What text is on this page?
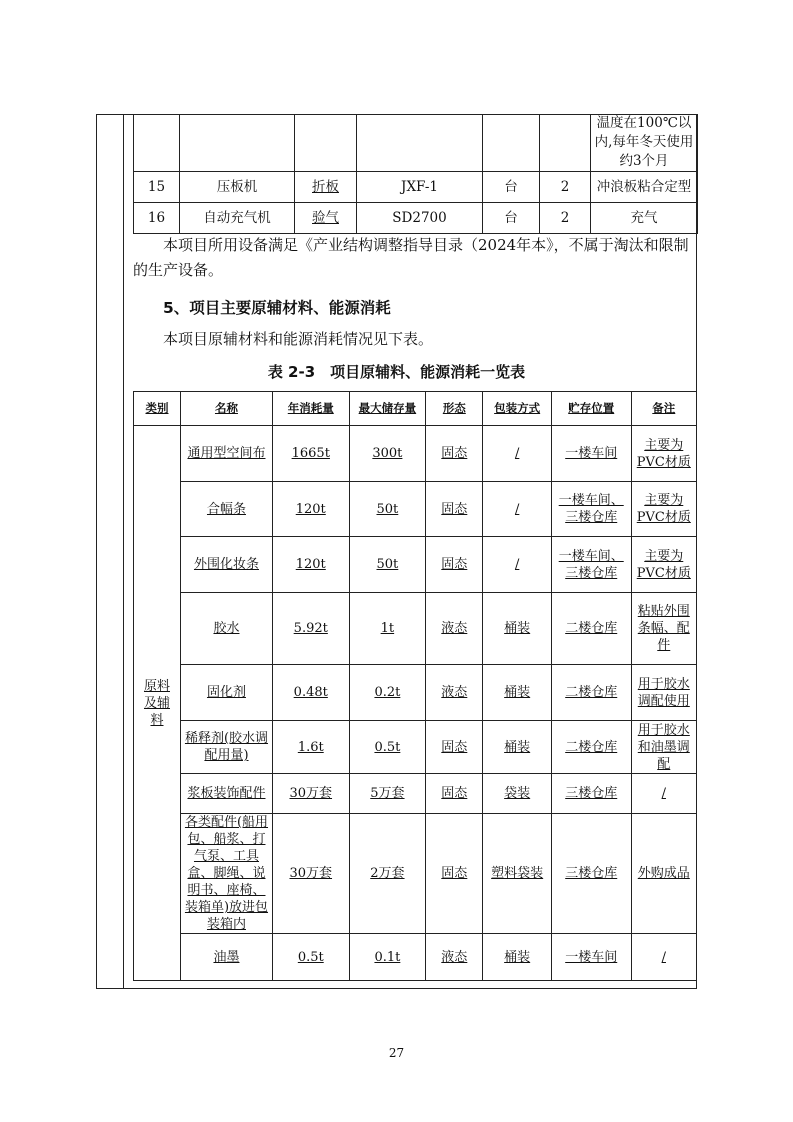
						温度在100℃以内,每年冬天使用约3个月
15	压板机	折板	JXF-1	台	2	冲浪板粘合定型
16	自动充气机	验气	SD2700	台	2	充气

本项目所用设备满足《产业结构调整指导目录（2024年本》，不属于淘汰和限制的生产设备。

5、项目主要原辅材料、能源消耗

本项目原辅材料和能源消耗情况见下表。

表 2-3　项目原辅料、能源消耗一览表
类别	名称	年消耗量	最大储存量	形态	包装方式	贮存位置	备注
原料及辅料	通用型空间布	1665t	300t	固态	/	一楼车间	主要为PVC材质
	合幅条	120t	50t	固态	/	一楼车间、三楼仓库	主要为PVC材质
	外围化妆条	120t	50t	固态	/	一楼车间、三楼仓库	主要为PVC材质
	胶水	5.92t	1t	液态	桶装	二楼仓库	粘贴外围条幅、配件
	固化剂	0.48t	0.2t	液态	桶装	二楼仓库	用于胶水调配使用
	稀释剂(胶水调配用量)	1.6t	0.5t	固态	桶装	二楼仓库	用于胶水和油墨调配
	浆板装饰配件	30万套	5万套	固态	袋装	三楼仓库	/
	各类配件(船用包、船浆、打气泵、工具盒、脚绳、说明书、座椅、装箱单)放进包装箱内	30万套	2万套	固态	塑料袋装	三楼仓库	外购成品
	油墨	0.5t	0.1t	液态	桶装	一楼车间	/
27
